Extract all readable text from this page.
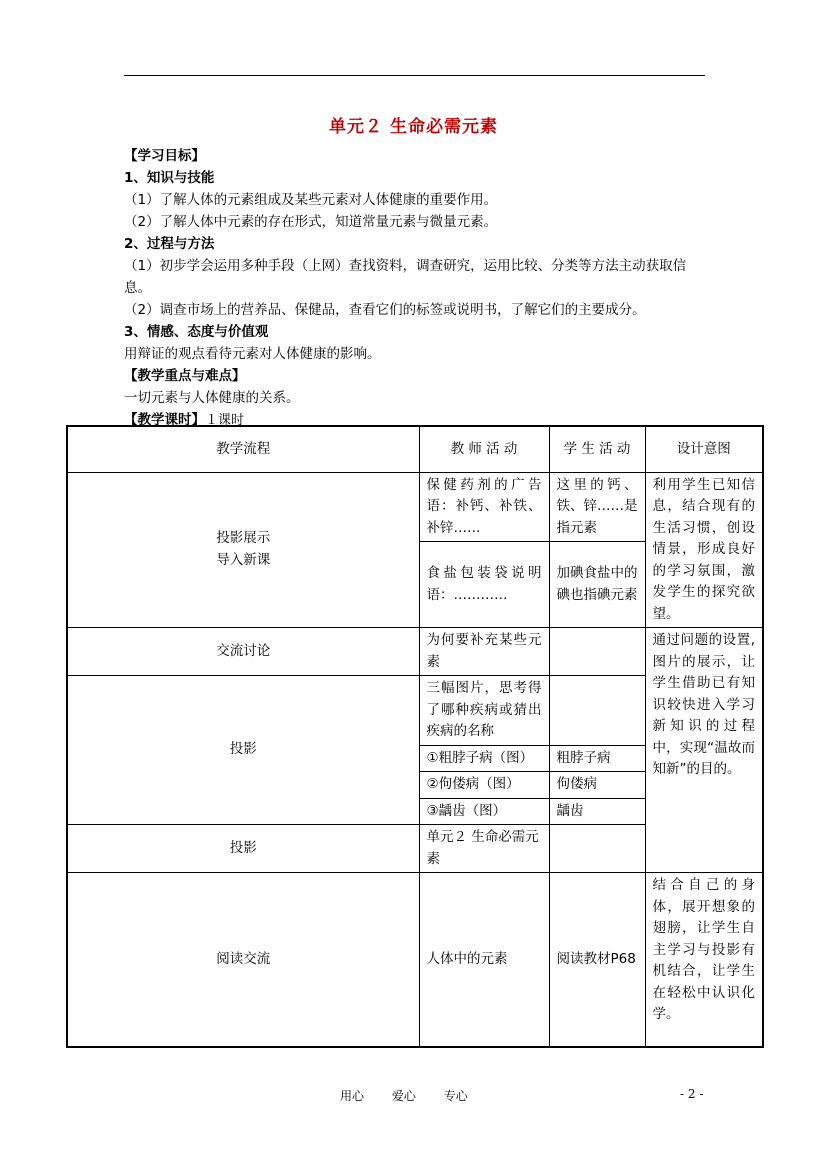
单元２ 生命必需元素
【学习目标】
1、知识与技能
（1）了解人体的元素组成及某些元素对人体健康的重要作用。
（2）了解人体中元素的存在形式，知道常量元素与微量元素。
2、过程与方法
（1）初步学会运用多种手段（上网）查找资料，调查研究，运用比较、分类等方法主动获取信息。
（2）调查市场上的营养品、保健品，查看它们的标签或说明书，了解它们的主要成分。
3、情感、态度与价值观
用辩证的观点看待元素对人体健康的影响。
【教学重点与难点】
一切元素与人体健康的关系。
【教学课时】１课时
教学流程	教 师 活 动	学 生 活 动	设计意图

投影展示
导入新课	保健药剂的广告语：补钙、补铁、补锌……	这里的钙、铁、锌……是指元素	利用学生已知信息，结合现有的生活习惯，创设情景，形成良好的学习氛围，激发学生的探究欲望。
	食盐包装袋说明语：…………	加碘食盐中的碘也指碘元素	
交流讨论	为何要补充某些元素		通过问题的设置,图片的展示，让学生借助已有知识较快进入学习新知识的过程中，实现“温故而知新”的目的。
投影	三幅图片，思考得了哪种疾病或猜出疾病的名称		
	①粗脖子病（图）	粗脖子病	
	②佝偻病（图）	佝偻病	
	③龋齿（图）	龋齿	
投影	单元２ 生命必需元素		
阅读交流	人体中的元素	阅读教材P68	结合自己的身体，展开想象的翅膀，让学生自主学习与投影有机结合，让学生在轻松中认识化学。
用心 爱心 专心	- 2 -
